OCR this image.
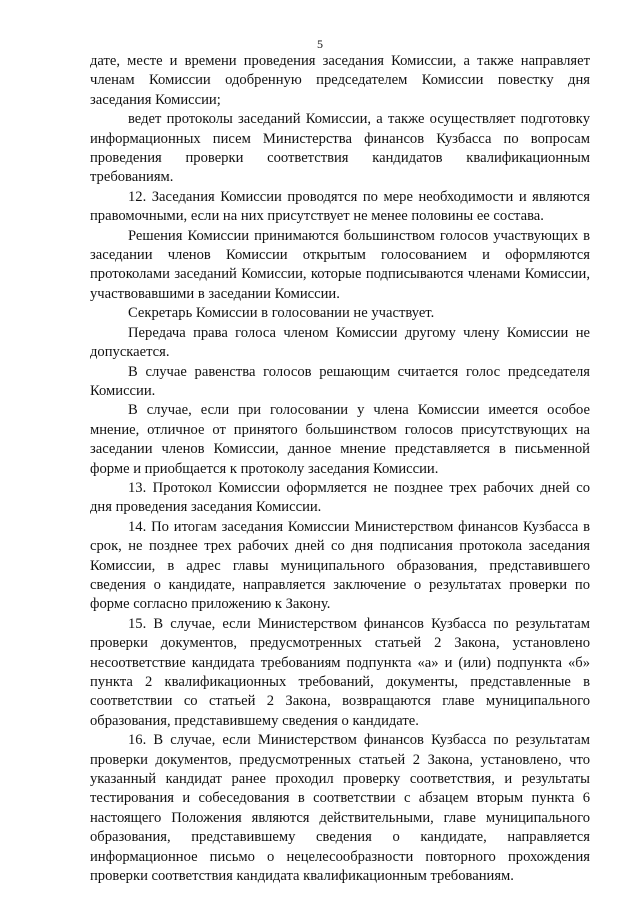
5

дате, месте и времени проведения заседания Комиссии, а также направляет членам Комиссии одобренную председателем Комиссии повестку дня заседания Комиссии;

ведет протоколы заседаний Комиссии, а также осуществляет подготовку информационных писем Министерства финансов Кузбасса по вопросам проведения проверки соответствия кандидатов квалификационным требованиям.

12. Заседания Комиссии проводятся по мере необходимости и являются правомочными, если на них присутствует не менее половины ее состава.

Решения Комиссии принимаются большинством голосов участвующих в заседании членов Комиссии открытым голосованием и оформляются протоколами заседаний Комиссии, которые подписываются членами Комиссии, участвовавшими в заседании Комиссии.

Секретарь Комиссии в голосовании не участвует.

Передача права голоса членом Комиссии другому члену Комиссии не допускается.

В случае равенства голосов решающим считается голос председателя Комиссии.

В случае, если при голосовании у члена Комиссии имеется особое мнение, отличное от принятого большинством голосов присутствующих на заседании членов Комиссии, данное мнение представляется в письменной форме и приобщается к протоколу заседания Комиссии.

13. Протокол Комиссии оформляется не позднее трех рабочих дней со дня проведения заседания Комиссии.

14. По итогам заседания Комиссии Министерством финансов Кузбасса в срок, не позднее трех рабочих дней со дня подписания протокола заседания Комиссии, в адрес главы муниципального образования, представившего сведения о кандидате, направляется заключение о результатах проверки по форме согласно приложению к Закону.

15. В случае, если Министерством финансов Кузбасса по результатам проверки документов, предусмотренных статьей 2 Закона, установлено несоответствие кандидата требованиям подпункта «а» и (или) подпункта «б» пункта 2 квалификационных требований, документы, представленные в соответствии со статьей 2 Закона, возвращаются главе муниципального образования, представившему сведения о кандидате.

16. В случае, если Министерством финансов Кузбасса по результатам проверки документов, предусмотренных статьей 2 Закона, установлено, что указанный кандидат ранее проходил проверку соответствия, и результаты тестирования и собеседования в соответствии с абзацем вторым пункта 6 настоящего Положения являются действительными, главе муниципального образования, представившему сведения о кандидате, направляется информационное письмо о нецелесообразности повторного прохождения проверки соответствия кандидата квалификационным требованиям.
